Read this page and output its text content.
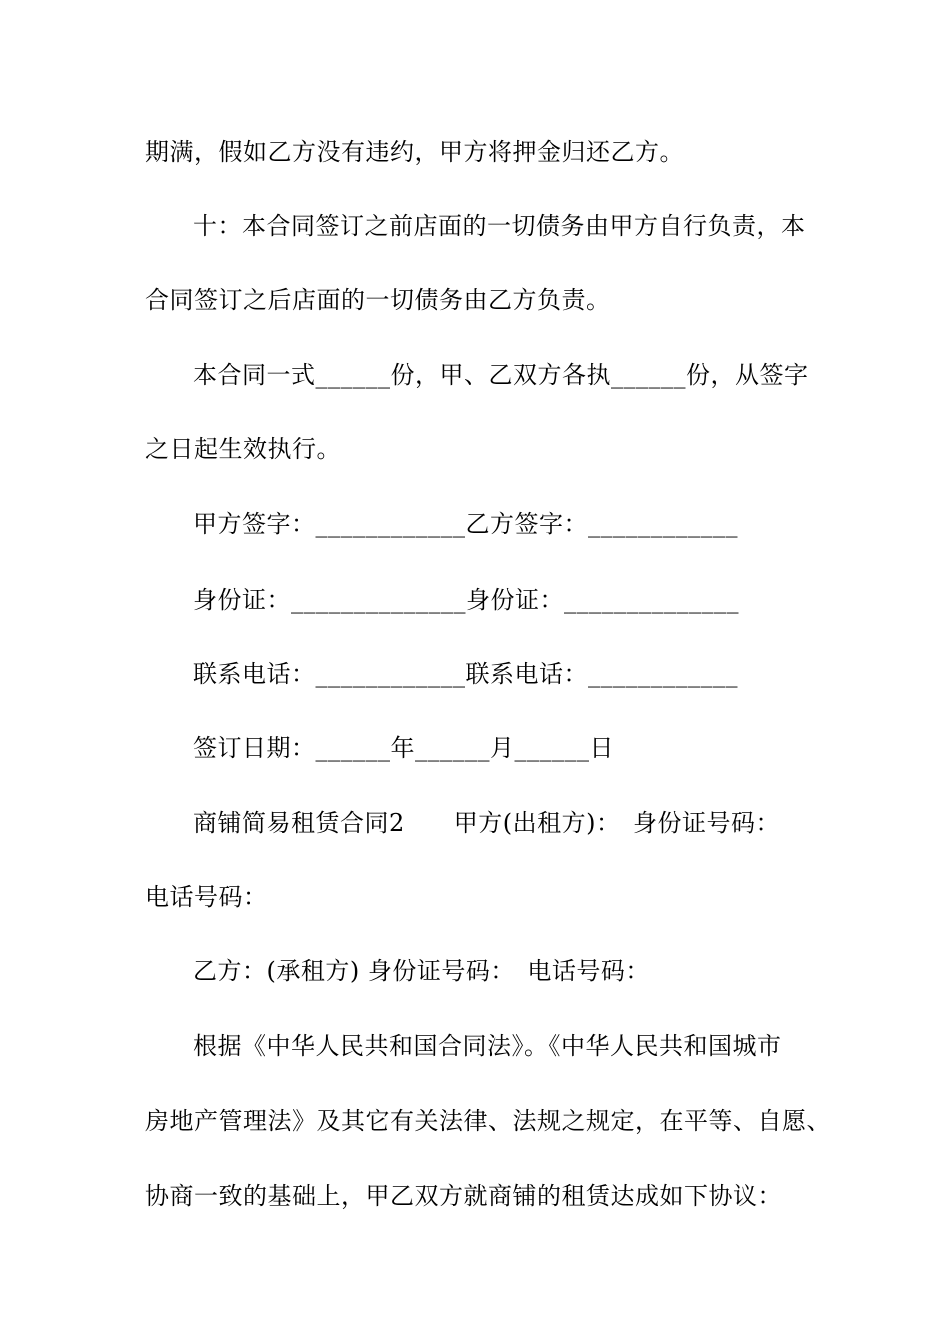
期满，假如乙方没有违约，甲方将押金归还乙方。
十：本合同签订之前店面的一切债务由甲方自行负责，本
合同签订之后店面的一切债务由乙方负责。
本合同一式______份，甲、乙双方各执______份，从签字
之日起生效执行。
甲方签字：____________乙方签字：____________
身份证：______________身份证：______________
联系电话：____________联系电话：____________
签订日期：______年______月______日
商铺简易租赁合同2　　甲方(出租方)：　身份证号码：
电话号码：
乙方：(承租方) 身份证号码：　电话号码：
根据《中华人民共和国合同法》。《中华人民共和国城市
房地产管理法》及其它有关法律、法规之规定，在平等、自愿、
协商一致的基础上，甲乙双方就商铺的租赁达成如下协议：
